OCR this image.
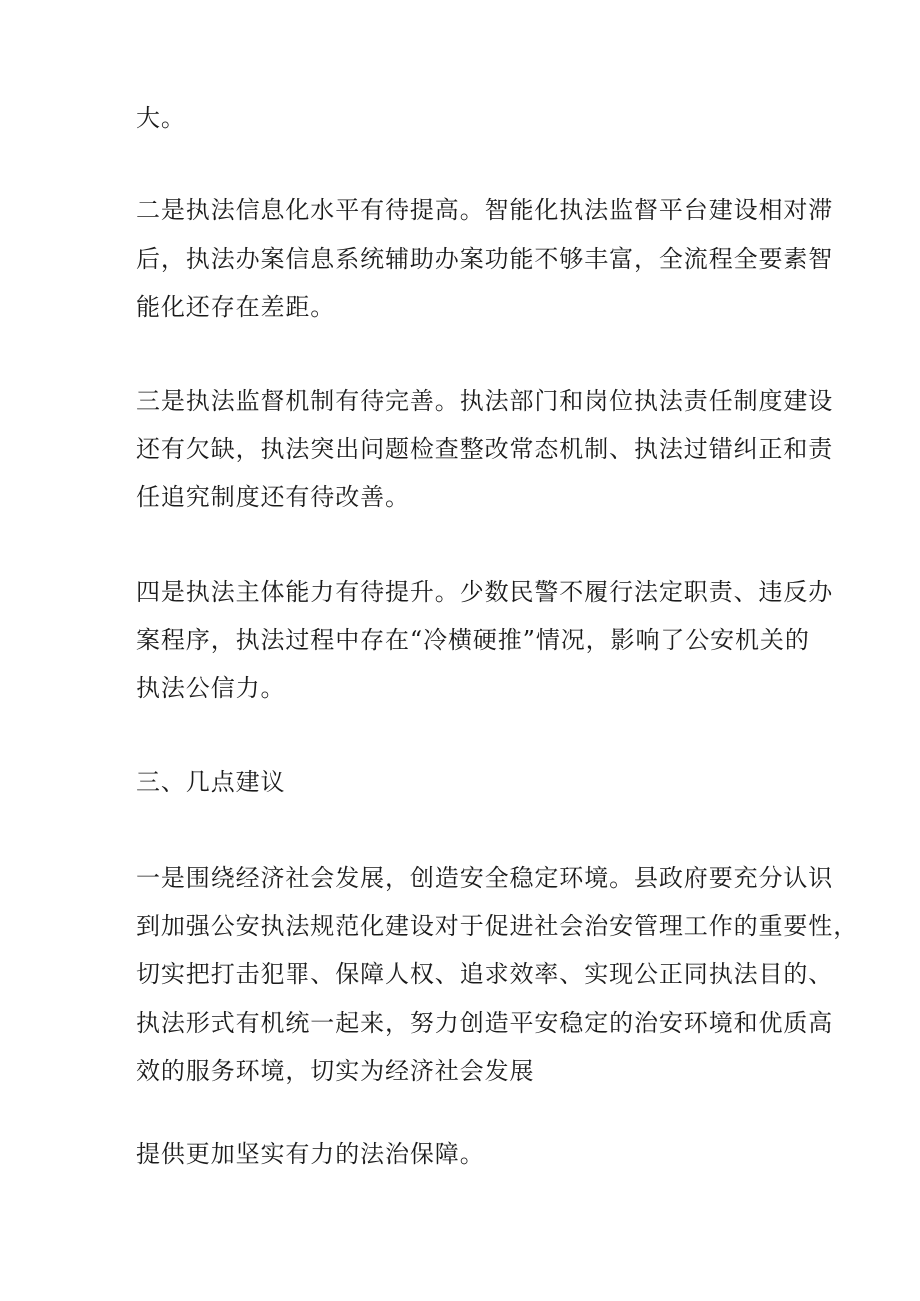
大。
二是执法信息化水平有待提高。智能化执法监督平台建设相对滞
后，执法办案信息系统辅助办案功能不够丰富，全流程全要素智
能化还存在差距。
三是执法监督机制有待完善。执法部门和岗位执法责任制度建设
还有欠缺，执法突出问题检查整改常态机制、执法过错纠正和责
任追究制度还有待改善。
四是执法主体能力有待提升。少数民警不履行法定职责、违反办
案程序，执法过程中存在“冷横硬推”情况，影响了公安机关的
执法公信力。
三、几点建议
一是围绕经济社会发展，创造安全稳定环境。县政府要充分认识
到加强公安执法规范化建设对于促进社会治安管理工作的重要性，
切实把打击犯罪、保障人权、追求效率、实现公正同执法目的、
执法形式有机统一起来，努力创造平安稳定的治安环境和优质高
效的服务环境，切实为经济社会发展
提供更加坚实有力的法治保障。
